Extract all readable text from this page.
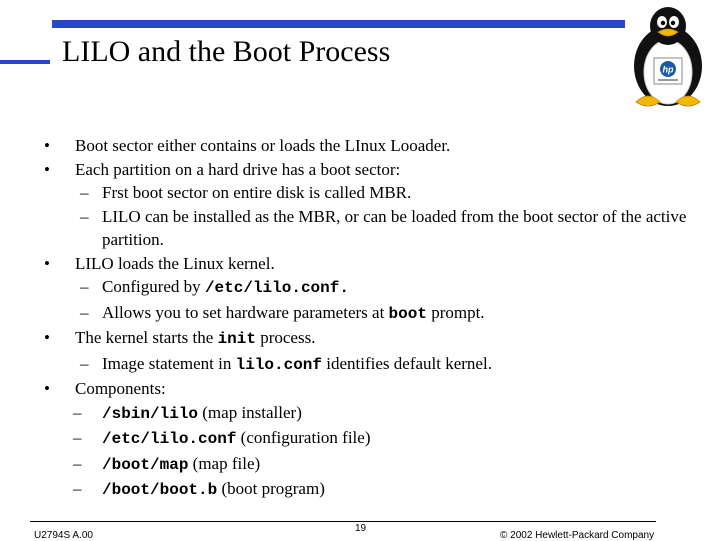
LILO and the Boot Process
hp
• Boot sector either contains or loads the LInux Looader.
• Each partition on a hard drive has a boot sector:
– Frst boot sector on entire disk is called MBR.
– LILO can be installed as the MBR, or can be loaded from the boot sector of the active partition.
• LILO loads the Linux kernel.
– Configured by /etc/lilo.conf.
– Allows you to set hardware parameters at boot prompt.
• The kernel starts the init process.
– Image statement in lilo.conf identifies default kernel.
• Components:
– /sbin/lilo (map installer)
– /etc/lilo.conf (configuration file)
– /boot/map (map file)
– /boot/boot.b (boot program)
U2794S A.00
19
© 2002 Hewlett-Packard Company
